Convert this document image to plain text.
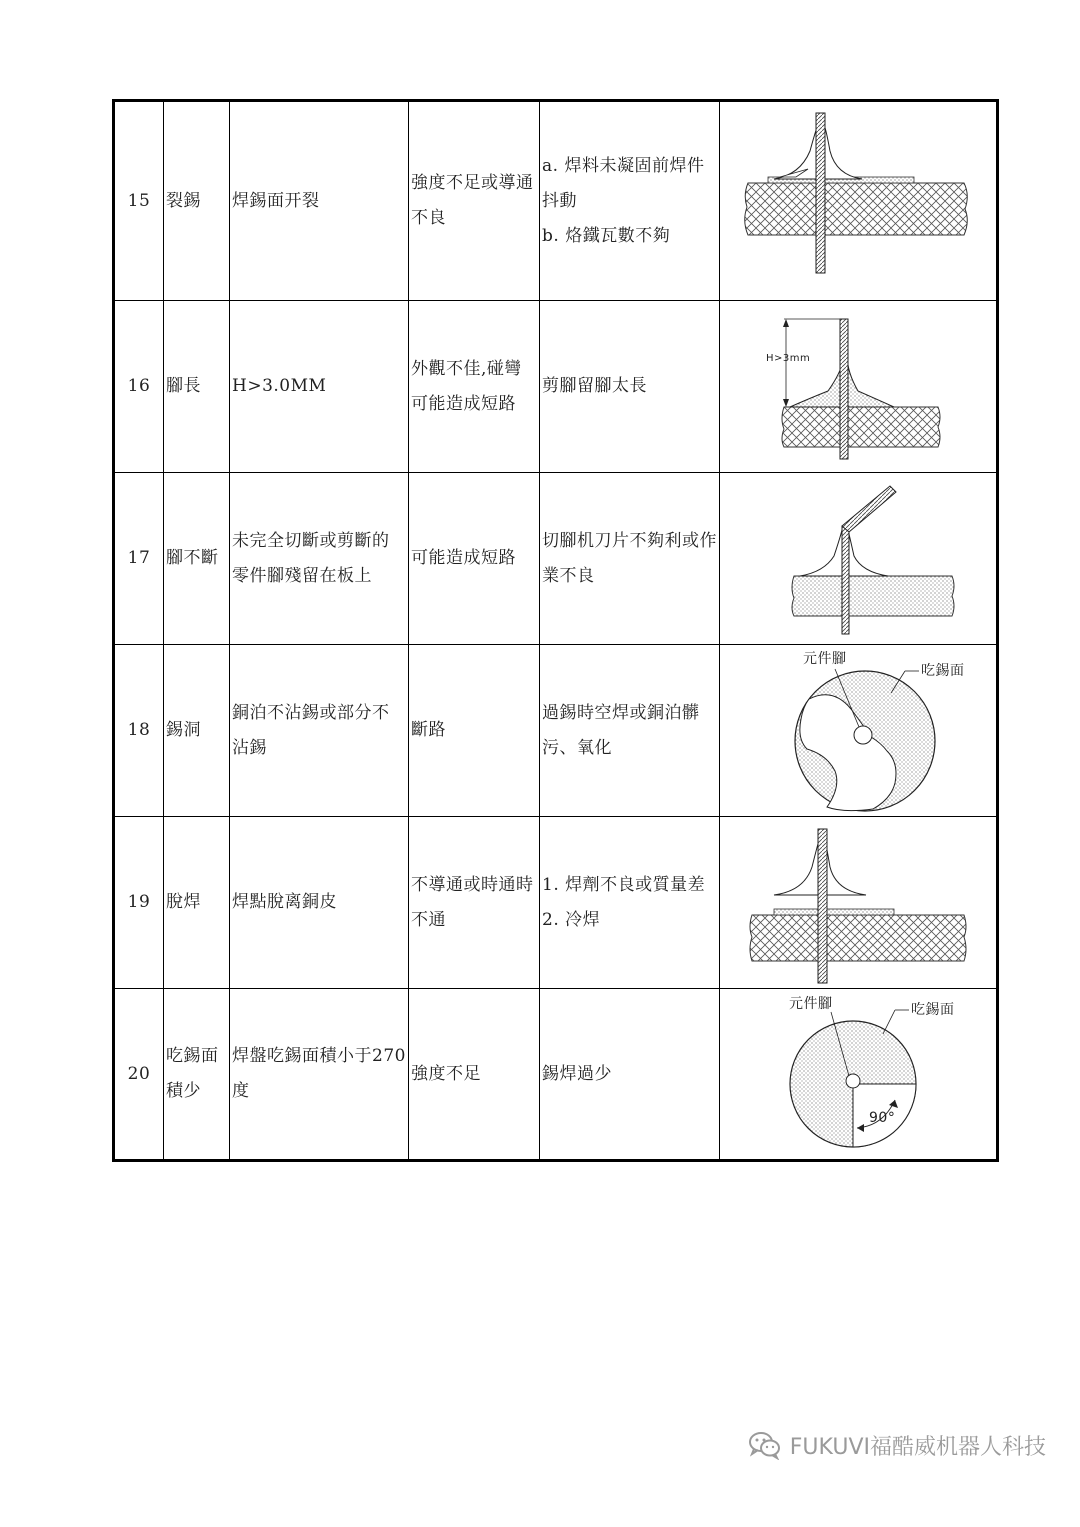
15	裂錫	焊錫面开裂	強度不足或導通不良	a. 焊料未凝固前焊件抖動
b. 烙鐵瓦數不夠

16	腳長	H>3.0MM	外觀不佳,碰彎可能造成短路	剪腳留腳太長	H>3mm

17	腳不斷	未完全切斷或剪斷的零件腳殘留在板上	可能造成短路	切腳机刀片不夠利或作業不良

18	錫洞	銅泊不沾錫或部分不沾錫	斷路	過錫時空焊或銅泊髒污、氧化	元件腳
吃錫面

19	脫焊	焊點脫离銅皮	不導通或時通時不通	1. 焊劑不良或質量差
2. 冷焊

20	吃錫面積少	焊盤吃錫面積小于270度	強度不足	錫焊過少	元件腳 吃錫面
90°
FUKUVI福酷威机器人科技
